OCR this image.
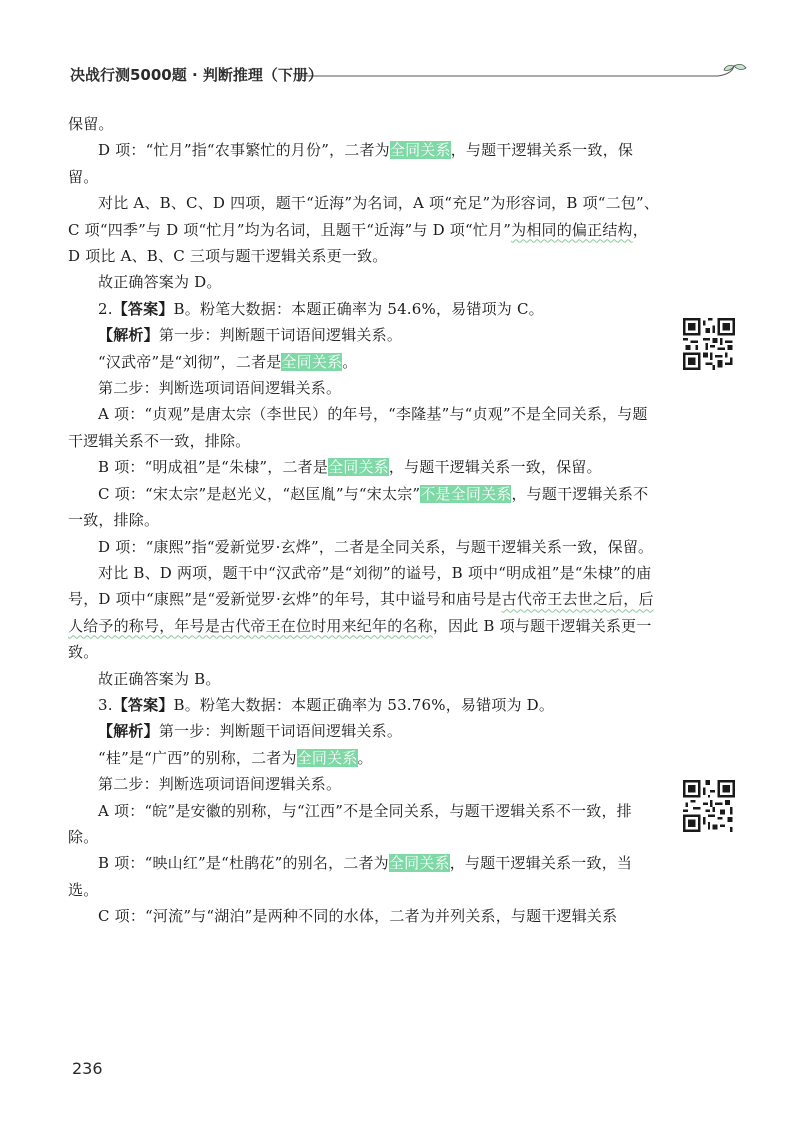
决战行测5000题 · 判断推理（下册）

保留。

D 项：“忙月”指“农事繁忙的月份”，二者为全同关系，与题干逻辑关系一致，保留。

对比 A、B、C、D 四项，题干“近海”为名词，A 项“充足”为形容词，B 项“二包”、C 项“四季”与 D 项“忙月”均为名词，且题干“近海”与 D 项“忙月”为相同的偏正结构，D 项比 A、B、C 三项与题干逻辑关系更一致。

故正确答案为 D。

2.【答案】B。粉笔大数据：本题正确率为 54.6%，易错项为 C。

【解析】第一步：判断题干词语间逻辑关系。

“汉武帝”是“刘彻”，二者是全同关系。

第二步：判断选项词语间逻辑关系。

A 项：“贞观”是唐太宗（李世民）的年号，“李隆基”与“贞观”不是全同关系，与题干逻辑关系不一致，排除。

B 项：“明成祖”是“朱棣”，二者是全同关系，与题干逻辑关系一致，保留。

C 项：“宋太宗”是赵光义，“赵匡胤”与“宋太宗”不是全同关系，与题干逻辑关系不一致，排除。

D 项：“康熙”指“爱新觉罗·玄烨”，二者是全同关系，与题干逻辑关系一致，保留。

对比 B、D 两项，题干中“汉武帝”是“刘彻”的谥号，B 项中“明成祖”是“朱棣”的庙号，D 项中“康熙”是“爱新觉罗·玄烨”的年号，其中谥号和庙号是古代帝王去世之后，后人给予的称号，年号是古代帝王在位时用来纪年的名称，因此 B 项与题干逻辑关系更一致。

故正确答案为 B。

3.【答案】B。粉笔大数据：本题正确率为 53.76%，易错项为 D。

【解析】第一步：判断题干词语间逻辑关系。

“桂”是“广西”的别称，二者为全同关系。

第二步：判断选项词语间逻辑关系。

A 项：“皖”是安徽的别称，与“江西”不是全同关系，与题干逻辑关系不一致，排除。

B 项：“映山红”是“杜鹃花”的别名，二者为全同关系，与题干逻辑关系一致，当选。

C 项：“河流”与“湖泊”是两种不同的水体，二者为并列关系，与题干逻辑关系

236
